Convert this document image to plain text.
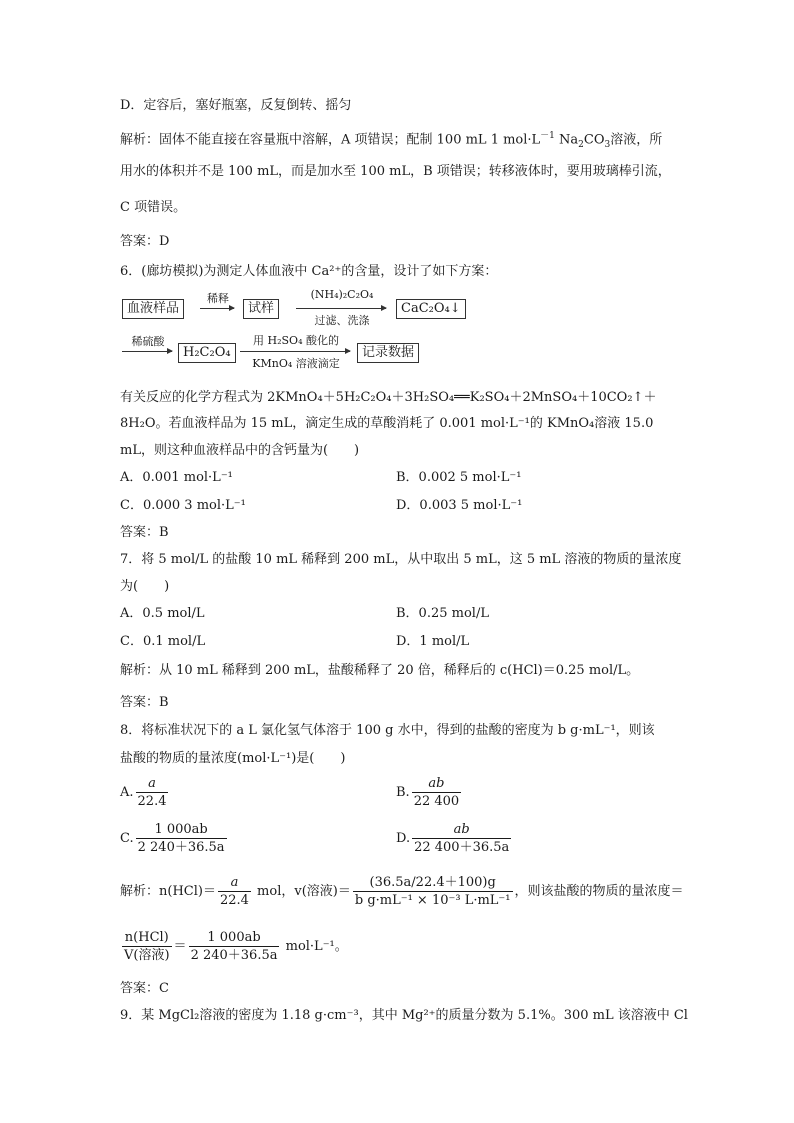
D．定容后，塞好瓶塞，反复倒转、摇匀
解析：固体不能直接在容量瓶中溶解，A 项错误；配制 100 mL 1 $mol\cdot L^{-1}$ $Na_2CO_3$溶液，所
用水的体积并不是 100 mL，而是加水至 100 mL，B 项错误；转移液体时，要用玻璃棒引流，
C 项错误。
答案：D
6．(廊坊模拟)为测定人体血液中 Ca²⁺的含量，设计了如下方案：
血液样品
稀释
试样
(NH₄)₂C₂O₄
过滤、洗涤
CaC₂O₄↓
稀硫酸
H₂C₂O₄
用 H₂SO₄ 酸化的
KMnO₄ 溶液滴定
记录数据
有关反应的化学方程式为 2KMnO₄＋5H₂C₂O₄＋3H₂SO₄══K₂SO₄＋2MnSO₄＋10CO₂↑＋
8H₂O。若血液样品为 15 mL，滴定生成的草酸消耗了 0.001 mol·L⁻¹的 KMnO₄溶液 15.0
mL，则这种血液样品中的含钙量为(　　)
A．0.001 mol·L⁻¹	B．0.002 5 mol·L⁻¹
C．0.000 3 mol·L⁻¹	D．0.003 5 mol·L⁻¹
答案：B
7．将 5 mol/L 的盐酸 10 mL 稀释到 200 mL，从中取出 5 mL，这 5 mL 溶液的物质的量浓度
为(　　)
A．0.5 mol/L	B．0.25 mol/L
C．0.1 mol/L	D．1 mol/L
解析：从 10 mL 稀释到 200 mL，盐酸稀释了 20 倍，稀释后的 c(HCl)＝0.25 mol/L。
答案：B
8．将标准状况下的 a L 氯化氢气体溶于 100 g 水中，得到的盐酸的密度为 b g·mL⁻¹，则该
盐酸的物质的量浓度(mol·L⁻¹)是(　　)
A. $\frac{a}{22.4}$	B. $\frac{ab}{22 400}$
C. $\frac{1 000ab}{2 240+36.5a}$	D. $\frac{ab}{22 400+36.5a}$
解析：$n(HCl)= \frac{a}{22.4}$ mol，v(溶液)＝ $\frac{(36.5a/22.4+100)g}{\text{b g·mL⁻¹ × 10⁻³ L·mL⁻¹}}$ ，则该盐酸的物质的量浓度＝
$\frac{\text{n(HCl)}}{\text{V(溶液)}} = \frac{1 000ab}{2 240+36.5a} mol\cdot L^{-1}$。
答案：C
9．某 MgCl₂溶液的密度为 1.18 g·cm⁻³，其中 Mg²⁺的质量分数为 5.1%。300 mL 该溶液中 Cl
